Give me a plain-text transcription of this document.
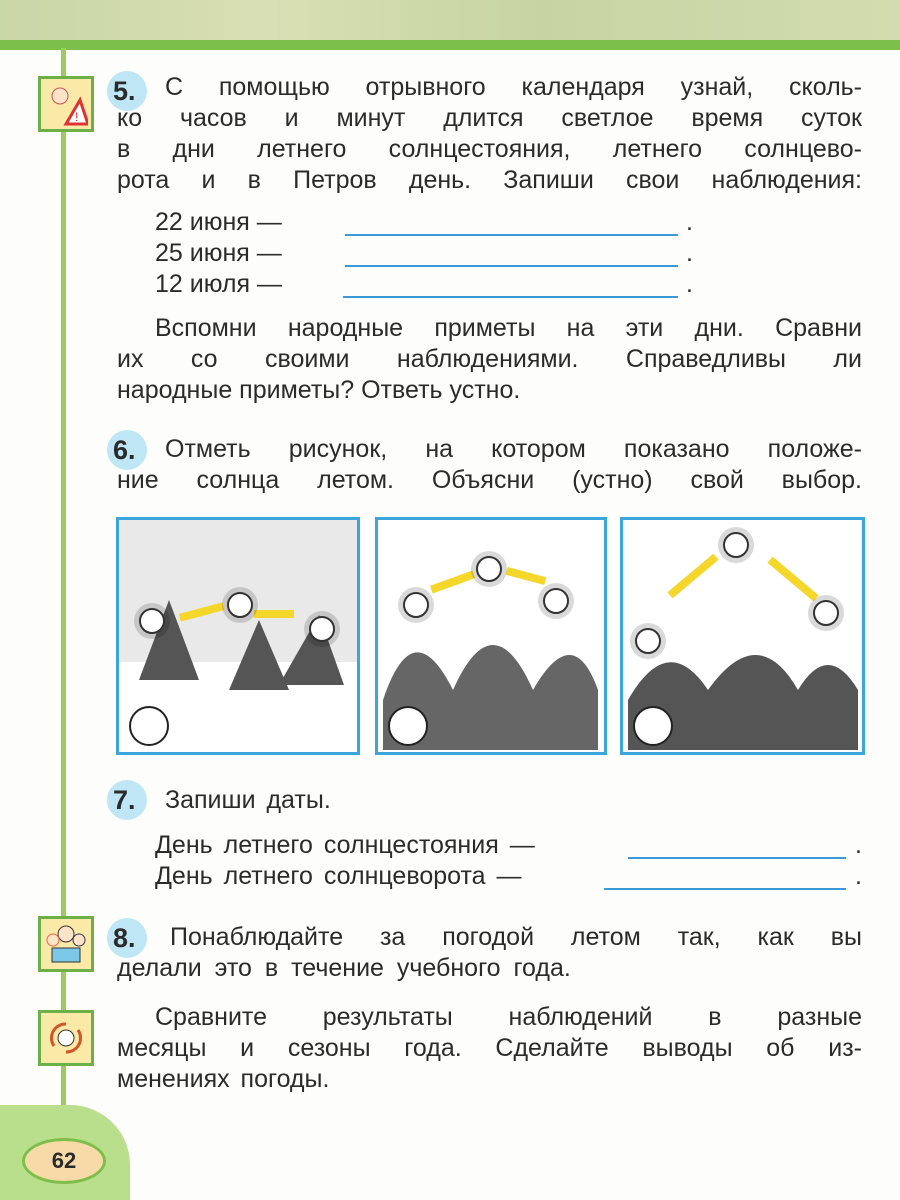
62
!
5.	С помощью отрывного календаря узнай, сколь-
ко часов и минут длится светлое время суток
в дни летнего солнцестояния, летнего солнцево-
рота и в Петров день. Запиши свои наблюдения:
22 июня —
25 июня —
12 июля —
.
.
.
Вспомни народные приметы на эти дни. Сравни
их со своими наблюдениями. Справедливы ли
народные приметы? Ответь устно.
6.	Отметь рисунок, на котором показано положе-
ние солнца летом. Объясни (устно) свой выбор.
7.	Запиши даты.
День летнего солнцестояния —	.
День летнего солнцеворота —	.
8.	Понаблюдайте за погодой летом так, как вы
делали это в течение учебного года.
Сравните результаты наблюдений в разные
месяцы и сезоны года. Сделайте выводы об из-
менениях погоды.
